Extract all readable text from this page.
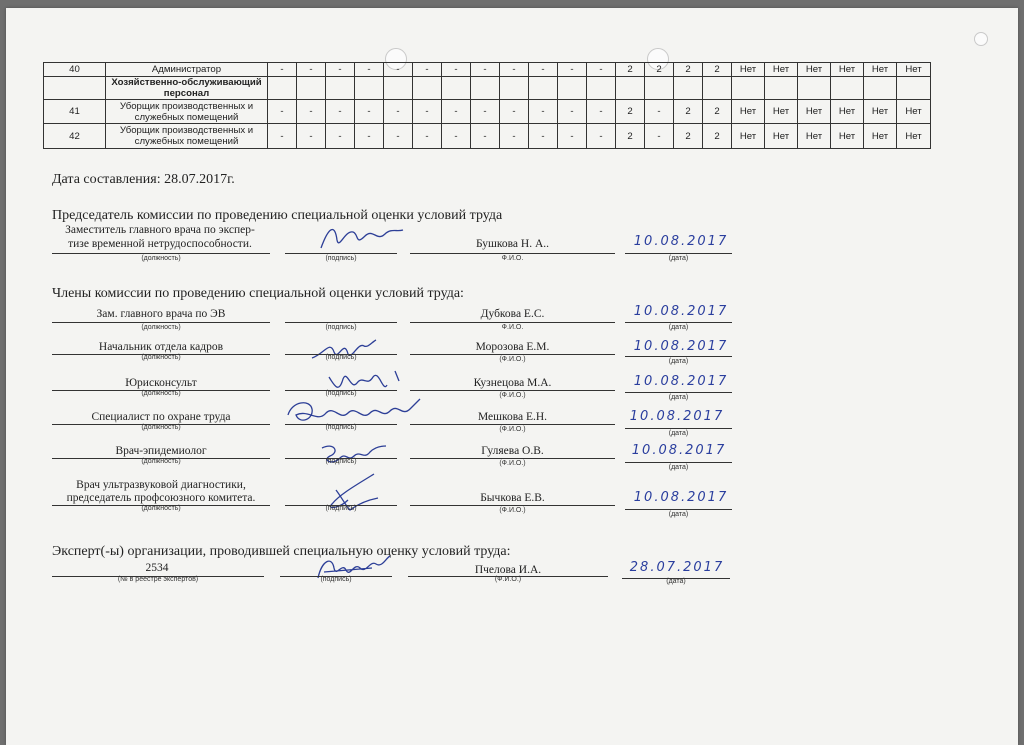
40	Администратор	-	-	-	-	-	-	-	-	-	-	-	-	2	2	2	2	Нет	Нет	Нет	Нет	Нет	Нет
	Хозяйственно-обслуживающий персонал																						
41	Уборщик производственных и служебных помещений	-	-	-	-	-	-	-	-	-	-	-	-	2	-	2	2	Нет	Нет	Нет	Нет	Нет	Нет
42	Уборщик производственных и служебных помещений	-	-	-	-	-	-	-	-	-	-	-	-	2	-	2	2	Нет	Нет	Нет	Нет	Нет	Нет
Дата составления: 28.07.2017г.
Председатель комиссии по проведению специальной оценки условий труда
Заместитель главного врача по экспер-
тизе временной нетрудоспособности.
(должность)	(подпись)
Бушкова Н. А..
Ф.И.О.
10.08.2017
(дата)
Члены комиссии по проведению специальной оценки условий труда:
Зам. главного врача по ЭВ
(должность)	(подпись)
Дубкова Е.С.
Ф.И.О.
10.08.2017
(дата)
Начальник отдела кадров
(должность)	(подпись)
Морозова Е.М.
(Ф.И.О.)
10.08.2017
(дата)
Юрисконсульт
(должность)	(подпись)
Кузнецова М.А.
(Ф.И.О.)
10.08.2017
(дата)
Специалист по охране труда
(должность)	(подпись)
Мешкова Е.Н.
(Ф.И.О.)
10.08.2017
(дата)
Врач-эпидемиолог
(должность)	(подпись)
Гуляева О.В.
(Ф.И.О.)
10.08.2017
(дата)
Врач ультразвуковой диагностики,
председатель профсоюзного комитета.
(должность)	(подпись)
Бычкова Е.В.
(Ф.И.О.)
10.08.2017
(дата)
Эксперт(-ы) организации, проводившей специальную оценку условий труда:
2534
(№ в реестре экспертов)	(подпись)
Пчелова И.А.
(Ф.И.О.)
28.07.2017
(дата)
